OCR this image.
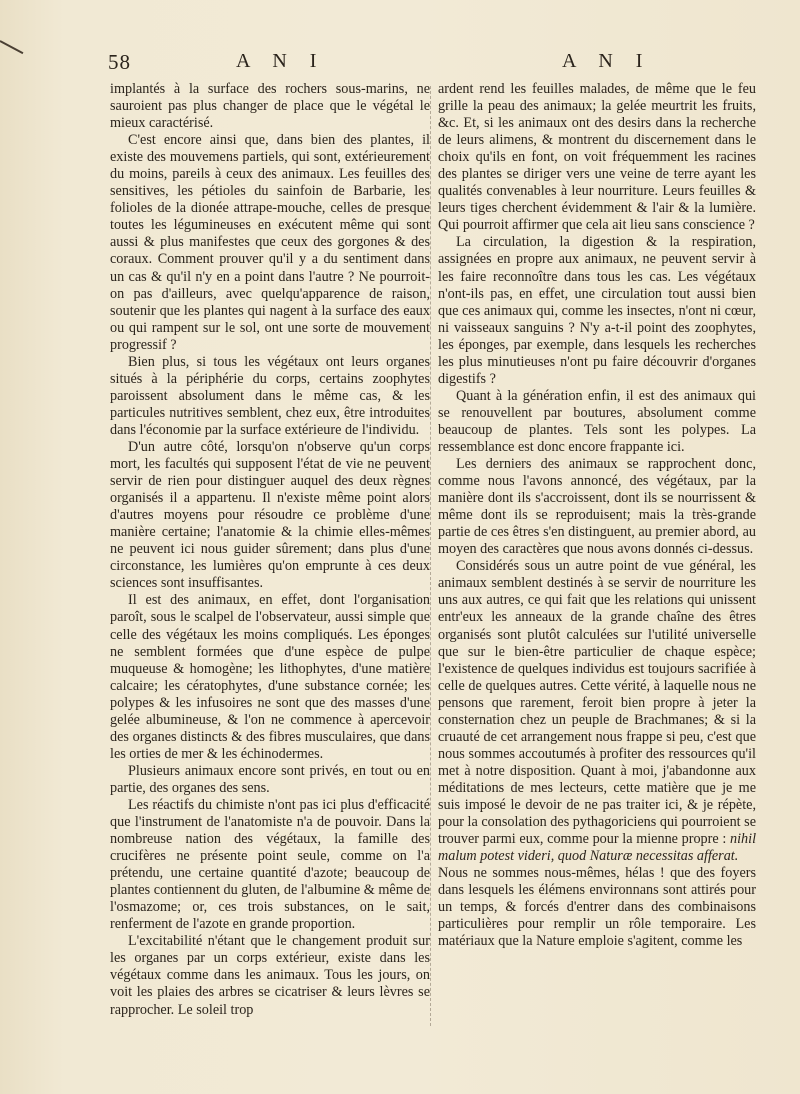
58	A N I	A N I

implantés à la surface des rochers sous-marins, ne sauroient pas plus changer de place que le végétal le mieux caractérisé.

C'est encore ainsi que, dans bien des plantes, il existe des mouvemens partiels, qui sont, extérieurement du moins, pareils à ceux des animaux. Les feuilles des sensitives, les pétioles du sainfoin de Barbarie, les folioles de la dionée attrape-mouche, celles de presque toutes les légumineuses en exécutent même qui sont aussi & plus manifestes que ceux des gorgones & des coraux. Comment prouver qu'il y a du sentiment dans un cas & qu'il n'y en a point dans l'autre ? Ne pourroit-on pas d'ailleurs, avec quelqu'apparence de raison, soutenir que les plantes qui nagent à la surface des eaux ou qui rampent sur le sol, ont une sorte de mouvement progressif ?

Bien plus, si tous les végétaux ont leurs organes situés à la périphérie du corps, certains zoophytes paroissent absolument dans le même cas, & les particules nutritives semblent, chez eux, être introduites dans l'économie par la surface extérieure de l'individu.

D'un autre côté, lorsqu'on n'observe qu'un corps mort, les facultés qui supposent l'état de vie ne peuvent servir de rien pour distinguer auquel des deux règnes organisés il a appartenu. Il n'existe même point alors d'autres moyens pour résoudre ce problème d'une manière certaine; l'anatomie & la chimie elles-mêmes ne peuvent ici nous guider sûrement; dans plus d'une circonstance, les lumières qu'on emprunte à ces deux sciences sont insuffisantes.

Il est des animaux, en effet, dont l'organisation paroît, sous le scalpel de l'observateur, aussi simple que celle des végétaux les moins compliqués. Les éponges ne semblent formées que d'une espèce de pulpe muqueuse & homogène; les lithophytes, d'une matière calcaire; les cératophytes, d'une substance cornée; les polypes & les infusoires ne sont que des masses d'une gelée albumineuse, & l'on ne commence à apercevoir des organes distincts & des fibres musculaires, que dans les orties de mer & les échinodermes.

Plusieurs animaux encore sont privés, en tout ou en partie, des organes des sens.

Les réactifs du chimiste n'ont pas ici plus d'efficacité que l'instrument de l'anatomiste n'a de pouvoir. Dans la nombreuse nation des végétaux, la famille des crucifères ne présente point seule, comme on l'a prétendu, une certaine quantité d'azote; beaucoup de plantes contiennent du gluten, de l'albumine & même de l'osmazome; or, ces trois substances, on le sait, renferment de l'azote en grande proportion.

L'excitabilité n'étant que le changement produit sur les organes par un corps extérieur, existe dans les végétaux comme dans les animaux. Tous les jours, on voit les plaies des arbres se cicatriser & leurs lèvres se rapprocher. Le soleil trop

ardent rend les feuilles malades, de même que le feu grille la peau des animaux; la gelée meurtrit les fruits, &c. Et, si les animaux ont des desirs dans la recherche de leurs alimens, & montrent du discernement dans le choix qu'ils en font, on voit fréquemment les racines des plantes se diriger vers une veine de terre ayant les qualités convenables à leur nourriture. Leurs feuilles & leurs tiges cherchent évidemment & l'air & la lumière. Qui pourroit affirmer que cela ait lieu sans conscience ?

La circulation, la digestion & la respiration, assignées en propre aux animaux, ne peuvent servir à les faire reconnoître dans tous les cas. Les végétaux n'ont-ils pas, en effet, une circulation tout aussi bien que ces animaux qui, comme les insectes, n'ont ni cœur, ni vaisseaux sanguins ? N'y a-t-il point des zoophytes, les éponges, par exemple, dans lesquels les recherches les plus minutieuses n'ont pu faire découvrir d'organes digestifs ?

Quant à la génération enfin, il est des animaux qui se renouvellent par boutures, absolument comme beaucoup de plantes. Tels sont les polypes. La ressemblance est donc encore frappante ici.

Les derniers des animaux se rapprochent donc, comme nous l'avons annoncé, des végétaux, par la manière dont ils s'accroissent, dont ils se nourrissent & même dont ils se reproduisent; mais la très-grande partie de ces êtres s'en distinguent, au premier abord, au moyen des caractères que nous avons donnés ci-dessus.

Considérés sous un autre point de vue général, les animaux semblent destinés à se servir de nourriture les uns aux autres, ce qui fait que les relations qui unissent entr'eux les anneaux de la grande chaîne des êtres organisés sont plutôt calculées sur l'utilité universelle que sur le bien-être particulier de chaque espèce; l'existence de quelques individus est toujours sacrifiée à celle de quelques autres. Cette vérité, à laquelle nous ne pensons que rarement, feroit bien propre à jeter la consternation chez un peuple de Brachmanes; & si la cruauté de cet arrangement nous frappe si peu, c'est que nous sommes accoutumés à profiter des ressources qu'il met à notre disposition. Quant à moi, j'abandonne aux méditations de mes lecteurs, cette matière que je me suis imposé le devoir de ne pas traiter ici, & je répète, pour la consolation des pythagoriciens qui pourroient se trouver parmi eux, comme pour la mienne propre : nihil malum potest videri, quod Naturæ necessitas afferat.

Nous ne sommes nous-mêmes, hélas ! que des foyers dans lesquels les élémens environnans sont attirés pour un temps, & forcés d'entrer dans des combinaisons particulières pour remplir un rôle temporaire. Les matériaux que la Nature emploie s'agitent, comme les
